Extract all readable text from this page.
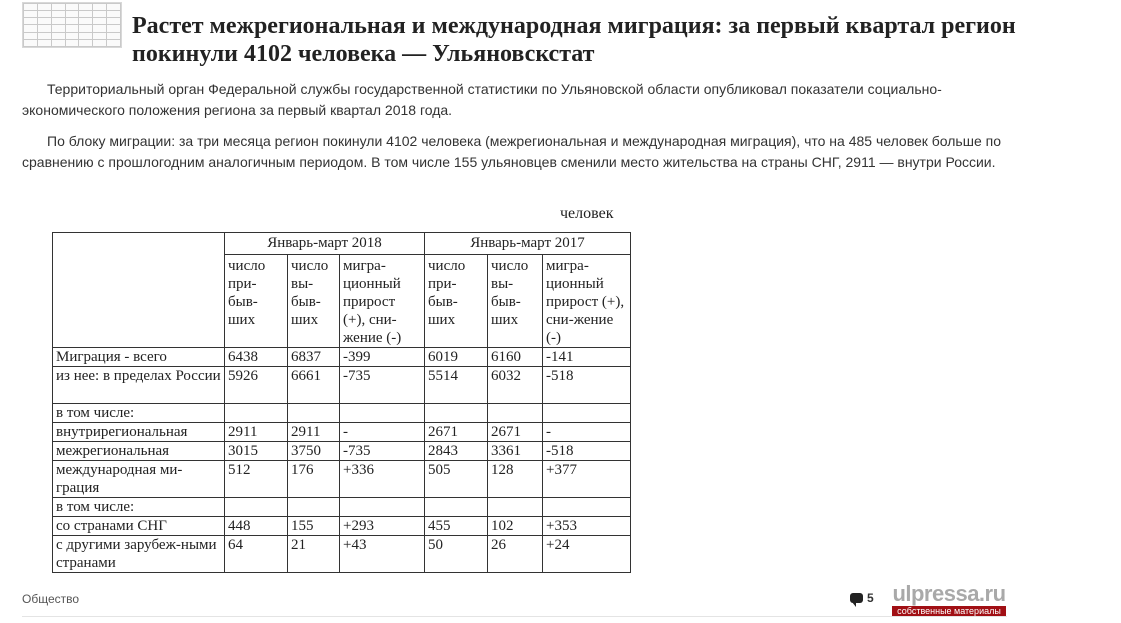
Растет межрегиональная и международная миграция: за первый квартал регион покинули 4102 человека — Ульяновскстат

Территориальный орган Федеральной службы государственной статистики по Ульяновской области опубликовал показатели социально-экономического положения региона за первый квартал 2018 года.

По блоку миграции: за три месяца регион покинули 4102 человека (межрегиональная и международная миграция), что на 485 человек больше по сравнению с прошлогодним аналогичным периодом. В том числе 155 ульяновцев сменили место жительства на страны СНГ, 2911 — внутри России.

человек
	Январь-март 2018			Январь-март 2017		
	число при-быв-ших	число вы-быв-ших	мигра-ционный прирост (+), сни-жение (-)	число при-быв-ших	число вы-быв-ших	мигра-ционный прирост (+), сни-жение (-)
Миграция - всего	6438	6837	-399	6019	6160	-141
из нее: в пределах России	5926	6661	-735	5514	6032	-518
в том числе:						
внутрирегиональная	2911	2911	-	2671	2671	-
межрегиональная	3015	3750	-735	2843	3361	-518
международная ми-грация	512	176	+336	505	128	+377
в том числе:						
со странами СНГ	448	155	+293	455	102	+353
с другими зарубеж-ными странами	64	21	+43	50	26	+24
Общество	5 ulpressa.ru
собственные материалы
